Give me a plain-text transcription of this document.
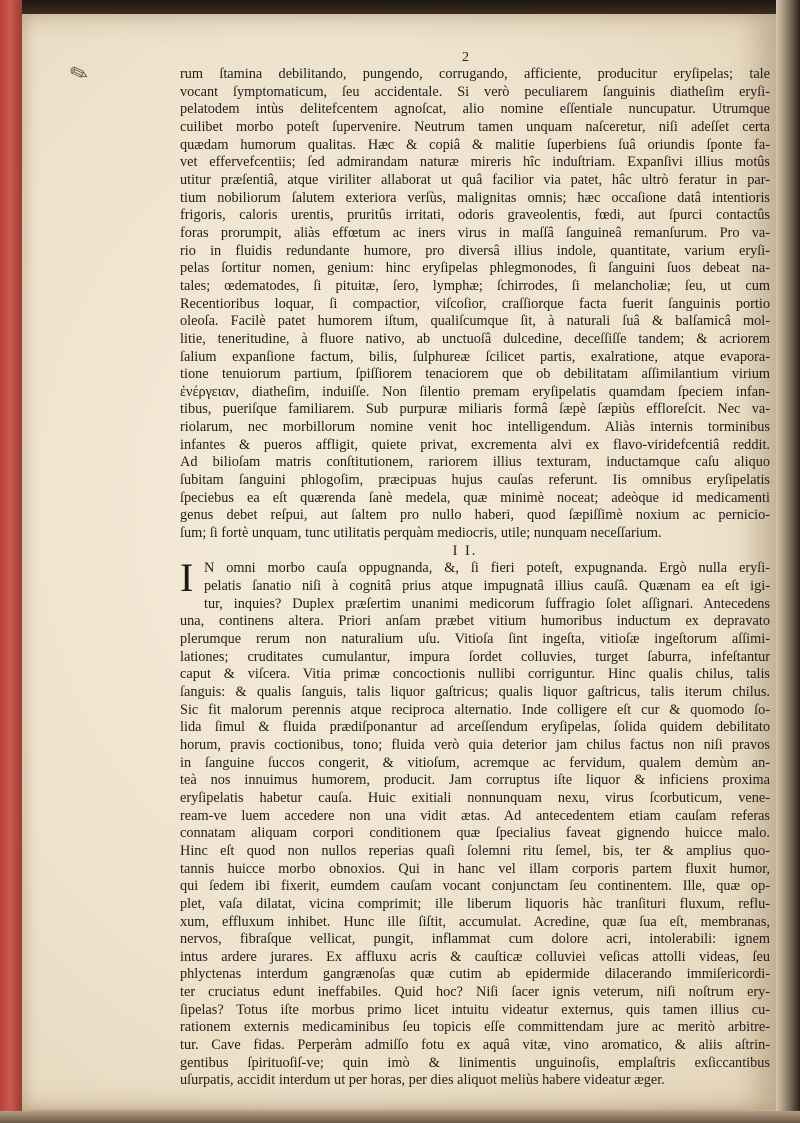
✎
2
rum ſtamina debilitando, pungendo, corrugando, afficiente, producitur eryſipelas; tale
vocant ſymptomaticum, ſeu accidentale. Si verò peculiarem ſanguinis diatheſim eryſi-
pelatodem intùs delitefcentem agnoſcat, alio nomine eſſentiale nuncupatur. Utrumque
cuilibet morbo poteſt ſupervenire. Neutrum tamen unquam naſceretur, niſi adeſſet certa
quædam humorum qualitas. Hæc & copiâ & malitie ſuperbiens ſuâ oriundis ſponte fa-
vet effervefcentiis; ſed admirandam naturæ mireris hîc induſtriam. Expanſivi illius motûs
utitur præſentiâ, atque viriliter allaborat ut quâ facilior via patet, hâc ultrò feratur in par-
tium nobiliorum ſalutem exteriora verſùs, malignitas omnis; hæc occaſione datâ intentioris
frigoris, caloris urentis, pruritûs irritati, odoris graveolentis, fœdi, aut ſpurci contactûs
foras prorumpit, aliàs effœtum ac iners virus in maſſâ ſanguineâ remanſurum. Pro va-
rio in fluidis redundante humore, pro diversâ illius indole, quantitate, varium eryſi-
pelas ſortitur nomen, genium: hinc eryſipelas phlegmonodes, ſi ſanguini ſuos debeat na-
tales; œdematodes, ſi pituitæ, ſero, lymphæ; ſchirrodes, ſi melancholiæ; ſeu, ut cum
Recentioribus loquar, ſi compactior, viſcoſior, craſſiorque facta fuerit ſanguinis portio
oleoſa. Facilè patet humorem iſtum, qualiſcumque ſit, à naturali ſuâ & balſamicâ mol-
litie, teneritudine, à fluore nativo, ab unctuoſâ dulcedine, deceſſiſſe tandem; & acriorem
ſalium expanſione factum, bilis, ſulphureæ ſcilicet partis, exalratione, atque evapora-
tione tenuiorum partium, ſpiſſiorem tenaciorem que ob debilitatam aſſimilantium virium
ἐνέργειαν, diatheſim, induiſſe. Non ſilentio premam eryſipelatis quamdam ſpeciem infan-
tibus, pueriſque familiarem. Sub purpuræ miliaris formâ ſæpè ſæpiùs effloreſcit. Nec va-
riolarum, nec morbillorum nomine venit hoc intelligendum. Aliàs internis torminibus
infantes & pueros affligit, quiete privat, excrementa alvi ex flavo-viridefcentiâ reddit.
Ad bilioſam matris conſtitutionem, rariorem illius texturam, inductamque caſu aliquo
ſubitam ſanguini phlogoſim, præcipuas hujus cauſas referunt. Iis omnibus eryſipelatis
ſpeciebus ea eſt quærenda ſanè medela, quæ minimè noceat; adeòque id medicamenti
genus debet reſpui, aut ſaltem pro nullo haberi, quod ſæpiſſimè noxium ac pernicio-
ſum; ſi fortè unquam, tunc utilitatis perquàm mediocris, utile; nunquam neceſſarium.
I I.
I N omni morbo cauſa oppugnanda, &, ſi fieri poteſt, expugnanda. Ergò nulla eryſi-
pelatis ſanatio niſi à cognitâ prius atque impugnatâ illius cauſâ. Quænam ea eſt igi-
tur, inquies? Duplex præſertim unanimi medicorum ſuffragio ſolet aſſignari. Antecedens
una, continens altera. Priori anſam præbet vitium humoribus inductum ex depravato
plerumque rerum non naturalium uſu. Vitioſa ſint ingeſta, vitioſæ ingeſtorum aſſimi-
lationes; cruditates cumulantur, impura ſordet colluvies, turget ſaburra, infeſtantur
caput & viſcera. Vitia primæ concoctionis nullibi corriguntur. Hinc qualis chilus, talis
ſanguis: & qualis ſanguis, talis liquor gaſtricus; qualis liquor gaſtricus, talis iterum chilus.
Sic fit malorum perennis atque reciproca alternatio. Inde colligere eſt cur & quomodo ſo-
lida ſimul & fluida prædiſponantur ad arceſſendum eryſipelas, ſolida quidem debilitato
horum, pravis coctionibus, tono; fluida verò quia deterior jam chilus factus non niſi pravos
in ſanguine ſuccos congerit, & vitioſum, acremque ac fervidum, qualem demùm an-
teà nos innuimus humorem, producit. Jam corruptus iſte liquor & inficiens proxima
eryſipelatis habetur cauſa. Huic exitiali nonnunquam nexu, virus ſcorbuticum, vene-
ream-ve luem accedere non una vidit ætas. Ad antecedentem etiam cauſam referas
connatam aliquam corpori conditionem quæ ſpecialius faveat gignendo huicce malo.
Hinc eſt quod non nullos reperias quaſi ſolemni ritu ſemel, bis, ter & amplius quo-
tannis huicce morbo obnoxios. Qui in hanc vel illam corporis partem fluxit humor,
qui ſedem ibi fixerit, eumdem cauſam vocant conjunctam ſeu continentem. Ille, quæ op-
plet, vaſa dilatat, vicina comprimit; ille liberum liquoris hàc tranſituri fluxum, reflu-
xum, effluxum inhibet. Hunc ille ſiſtit, accumulat. Acredine, quæ ſua eſt, membranas,
nervos, fibraſque vellicat, pungit, inflammat cum dolore acri, intolerabili: ignem
intus ardere jurares. Ex affluxu acris & cauſticæ colluviei veſicas attolli videas, ſeu
phlyctenas interdum gangrænoſas quæ cutim ab epidermide dilacerando immiſericordi-
ter cruciatus edunt ineffabiles. Quid hoc? Niſi ſacer ignis veterum, niſi noſtrum ery-
ſipelas? Totus iſte morbus primo licet intuitu videatur externus, quis tamen illius cu-
rationem externis medicaminibus ſeu topicis eſſe committendam jure ac meritò arbitre-
tur. Cave fidas. Perperàm admiſſo fotu ex aquâ vitæ, vino aromatico, & aliis aſtrin-
gentibus ſpirituoſiſ-ve; quin imò & linimentis unguinoſis, emplaſtris exſiccantibus
uſurpatis, accidit interdum ut per horas, per dies aliquot meliùs habere videatur æger.
